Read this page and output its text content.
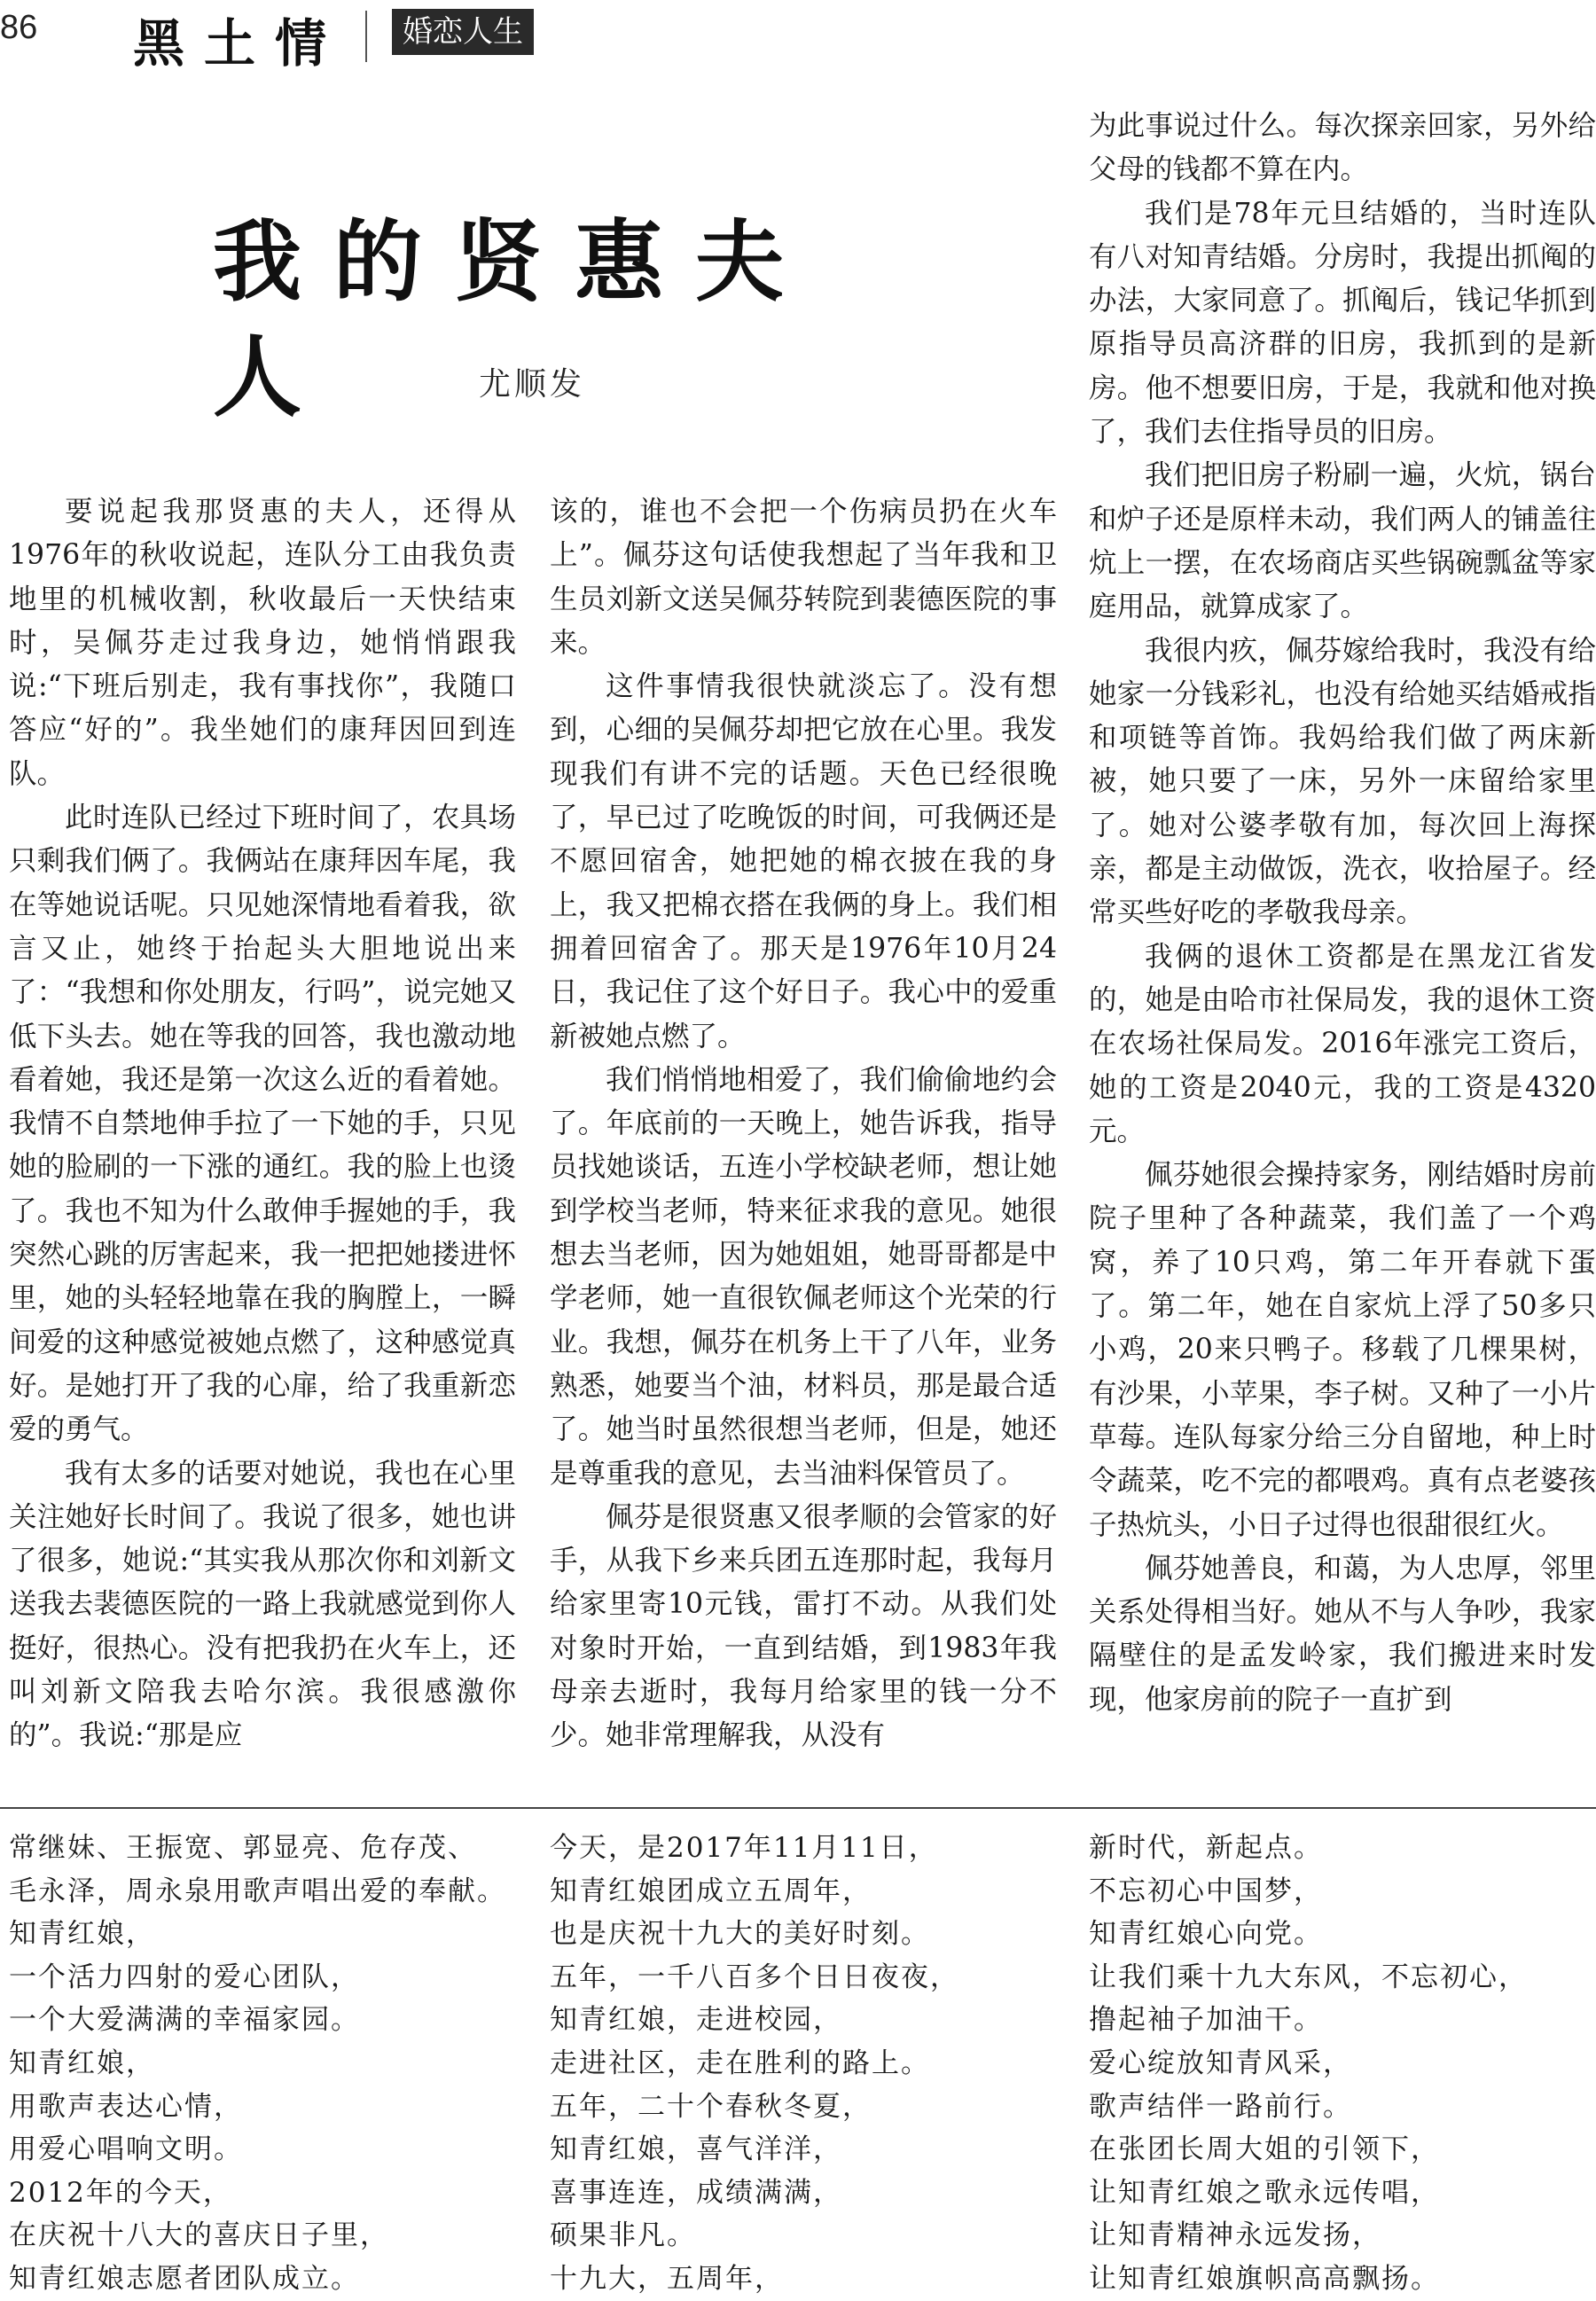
86 黑土情	婚恋人生
我的贤惠夫人	尤顺发

要说起我那贤惠的夫人，还得从1976年的秋收说起，连队分工由我负责地里的机械收割，秋收最后一天快结束时，吴佩芬走过我身边，她悄悄跟我说:“下班后别走，我有事找你”，我随口答应“好的”。我坐她们的康拜因回到连队。

此时连队已经过下班时间了，农具场只剩我们俩了。我俩站在康拜因车尾，我在等她说话呢。只见她深情地看着我，欲言又止，她终于抬起头大胆地说出来了：“我想和你处朋友，行吗”，说完她又低下头去。她在等我的回答，我也激动地看着她，我还是第一次这么近的看着她。我情不自禁地伸手拉了一下她的手，只见她的脸刷的一下涨的通红。我的脸上也烫了。我也不知为什么敢伸手握她的手，我突然心跳的厉害起来，我一把把她搂进怀里，她的头轻轻地靠在我的胸膛上，一瞬间爱的这种感觉被她点燃了，这种感觉真好。是她打开了我的心扉，给了我重新恋爱的勇气。

我有太多的话要对她说，我也在心里关注她好长时间了。我说了很多，她也讲了很多，她说:“其实我从那次你和刘新文送我去裴德医院的一路上我就感觉到你人挺好，很热心。没有把我扔在火车上，还叫刘新文陪我去哈尔滨。我很感激你的”。我说:“那是应

该的，谁也不会把一个伤病员扔在火车上”。佩芬这句话使我想起了当年我和卫生员刘新文送吴佩芬转院到裴德医院的事来。

这件事情我很快就淡忘了。没有想到，心细的吴佩芬却把它放在心里。我发现我们有讲不完的话题。天色已经很晚了，早已过了吃晚饭的时间，可我俩还是不愿回宿舍，她把她的棉衣披在我的身上，我又把棉衣搭在我俩的身上。我们相拥着回宿舍了。那天是1976年10月24日，我记住了这个好日子。我心中的爱重新被她点燃了。

我们悄悄地相爱了，我们偷偷地约会了。年底前的一天晚上，她告诉我，指导员找她谈话，五连小学校缺老师，想让她到学校当老师，特来征求我的意见。她很想去当老师，因为她姐姐，她哥哥都是中学老师，她一直很钦佩老师这个光荣的行业。我想，佩芬在机务上干了八年，业务熟悉，她要当个油，材料员，那是最合适了。她当时虽然很想当老师，但是，她还是尊重我的意见，去当油料保管员了。

佩芬是很贤惠又很孝顺的会管家的好手，从我下乡来兵团五连那时起，我每月给家里寄10元钱，雷打不动。从我们处对象时开始，一直到结婚，到1983年我母亲去逝时，我每月给家里的钱一分不少。她非常理解我，从没有

为此事说过什么。每次探亲回家，另外给父母的钱都不算在内。

我们是78年元旦结婚的，当时连队有八对知青结婚。分房时，我提出抓阄的办法，大家同意了。抓阄后，钱记华抓到原指导员高济群的旧房，我抓到的是新房。他不想要旧房，于是，我就和他对换了，我们去住指导员的旧房。

我们把旧房子粉刷一遍，火炕，锅台和炉子还是原样未动，我们两人的铺盖往炕上一摆，在农场商店买些锅碗瓢盆等家庭用品，就算成家了。

我很内疚，佩芬嫁给我时，我没有给她家一分钱彩礼，也没有给她买结婚戒指和项链等首饰。我妈给我们做了两床新被，她只要了一床，另外一床留给家里了。她对公婆孝敬有加，每次回上海探亲，都是主动做饭，洗衣，收拾屋子。经常买些好吃的孝敬我母亲。

我俩的退休工资都是在黑龙江省发的，她是由哈市社保局发，我的退休工资在农场社保局发。2016年涨完工资后，她的工资是2040元，我的工资是4320元。

佩芬她很会操持家务，刚结婚时房前院子里种了各种蔬菜，我们盖了一个鸡窝，养了10只鸡，第二年开春就下蛋了。第二年，她在自家炕上浮了50多只小鸡，20来只鸭子。移载了几棵果树，有沙果，小苹果，李子树。又种了一小片草莓。连队每家分给三分自留地，种上时令蔬菜，吃不完的都喂鸡。真有点老婆孩子热炕头，小日子过得也很甜很红火。

佩芬她善良，和蔼，为人忠厚，邻里关系处得相当好。她从不与人争吵，我家隔壁住的是孟发岭家，我们搬进来时发现，他家房前的院子一直扩到

常继妹、王振宽、郭显亮、危存茂、
毛永泽，周永泉用歌声唱出爱的奉献。
知青红娘，
一个活力四射的爱心团队，
一个大爱满满的幸福家园。
知青红娘，
用歌声表达心情，
用爱心唱响文明。
2012年的今天，
在庆祝十八大的喜庆日子里，
知青红娘志愿者团队成立。
今天，是2017年11月11日，
知青红娘团成立五周年，
也是庆祝十九大的美好时刻。
五年，一千八百多个日日夜夜，
知青红娘，走进校园，
走进社区，走在胜利的路上。
五年，二十个春秋冬夏，
知青红娘，喜气洋洋，
喜事连连，成绩满满，
硕果非凡。
十九大，五周年，
新时代，新起点。
不忘初心中国梦，
知青红娘心向党。
让我们乘十九大东风，不忘初心，
撸起袖子加油干。
爱心绽放知青风采，
歌声结伴一路前行。
在张团长周大姐的引领下，
让知青红娘之歌永远传唱，
让知青精神永远发扬，
让知青红娘旗帜高高飘扬。
